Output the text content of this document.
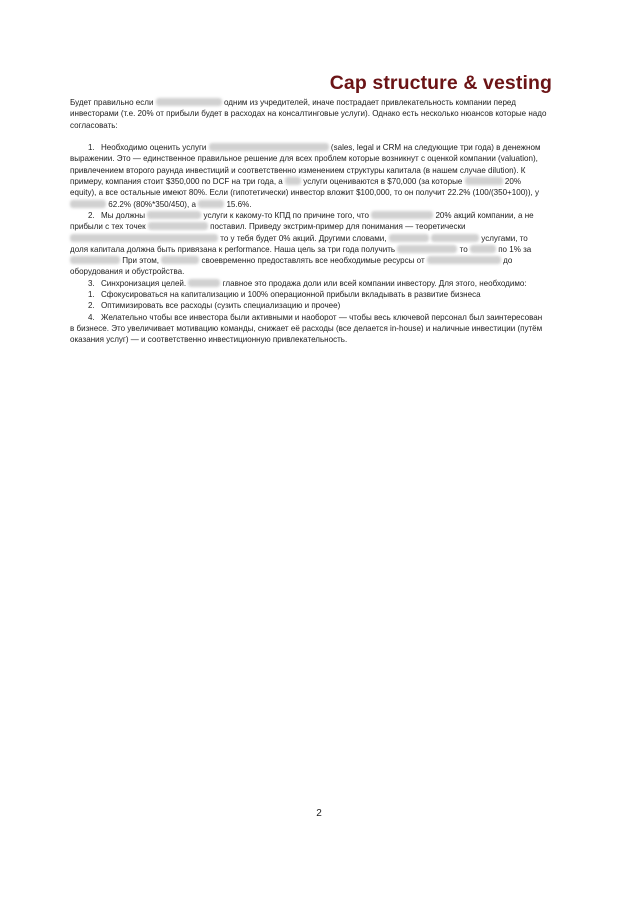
Cap structure & vesting

Будет правильно если	одним из учредителей, иначе пострадает привлекательность компании перед инвесторами (т.е. 20% от прибыли будет в расходах на консалтинговые услуги). Однако есть несколько нюансов которые надо согласовать:

1. Необходимо оценить услуги	(sales, legal и CRM на следующие три года) в денежном выражении. Это — единственное правильное решение для всех проблем которые возникнут с оценкой компании (valuation), привлечением второго раунда инвестиций и соответственно изменением структуры капитала (в нашем случае dilution). К примеру, компания стоит $350,000 по DCF на три года, а	услуги оцениваются в $70,000 (за которые	20% equity), а все остальные имеют 80%. Если (гипотетически) инвестор вложит $100,000, то он получит 22.2% (100/(350+100)), у  62.2% (80%*350/450), а	15.6%.

2. Мы должны	услуги к какому-то КПД по причине того, что	20% акций компании, а не прибыли с тех точек	поставил. Приведу экстрим-пример для понимания — теоретически  то у тебя будет 0% акций. Другими словами,	услугами, то доля капитала должна быть привязана к performance. Наша цель за три года получить	то	по 1% за  При этом,	своевременно предоставлять все необходимые ресурсы от	до оборудования и обустройства.

3. Синхронизация целей.	главное это продажа доли или всей компании инвестору. Для этого, необходимо:

1. Сфокусироваться на капитализацию и 100% операционной прибыли вкладывать в развитие бизнеса

2. Оптимизировать все расходы (сузить специализацию и прочее)

4. Желательно чтобы все инвестора были активными и наоборот — чтобы весь ключевой персонал был заинтересован в бизнесе. Это увеличивает мотивацию команды, снижает её расходы (все делается in-house) и наличные инвестиции (путём оказания услуг) — и соответственно инвестиционную привлекательность.

2
